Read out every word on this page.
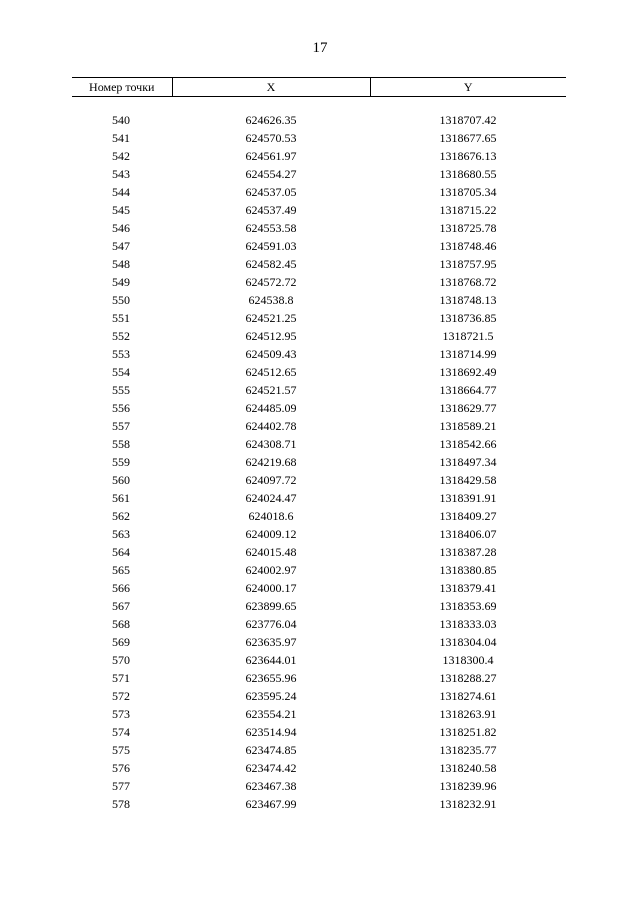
17
Номер точки	X	Y

540	624626.35	1318707.42
541	624570.53	1318677.65
542	624561.97	1318676.13
543	624554.27	1318680.55
544	624537.05	1318705.34
545	624537.49	1318715.22
546	624553.58	1318725.78
547	624591.03	1318748.46
548	624582.45	1318757.95
549	624572.72	1318768.72
550	624538.8	1318748.13
551	624521.25	1318736.85
552	624512.95	1318721.5
553	624509.43	1318714.99
554	624512.65	1318692.49
555	624521.57	1318664.77
556	624485.09	1318629.77
557	624402.78	1318589.21
558	624308.71	1318542.66
559	624219.68	1318497.34
560	624097.72	1318429.58
561	624024.47	1318391.91
562	624018.6	1318409.27
563	624009.12	1318406.07
564	624015.48	1318387.28
565	624002.97	1318380.85
566	624000.17	1318379.41
567	623899.65	1318353.69
568	623776.04	1318333.03
569	623635.97	1318304.04
570	623644.01	1318300.4
571	623655.96	1318288.27
572	623595.24	1318274.61
573	623554.21	1318263.91
574	623514.94	1318251.82
575	623474.85	1318235.77
576	623474.42	1318240.58
577	623467.38	1318239.96
578	623467.99	1318232.91
